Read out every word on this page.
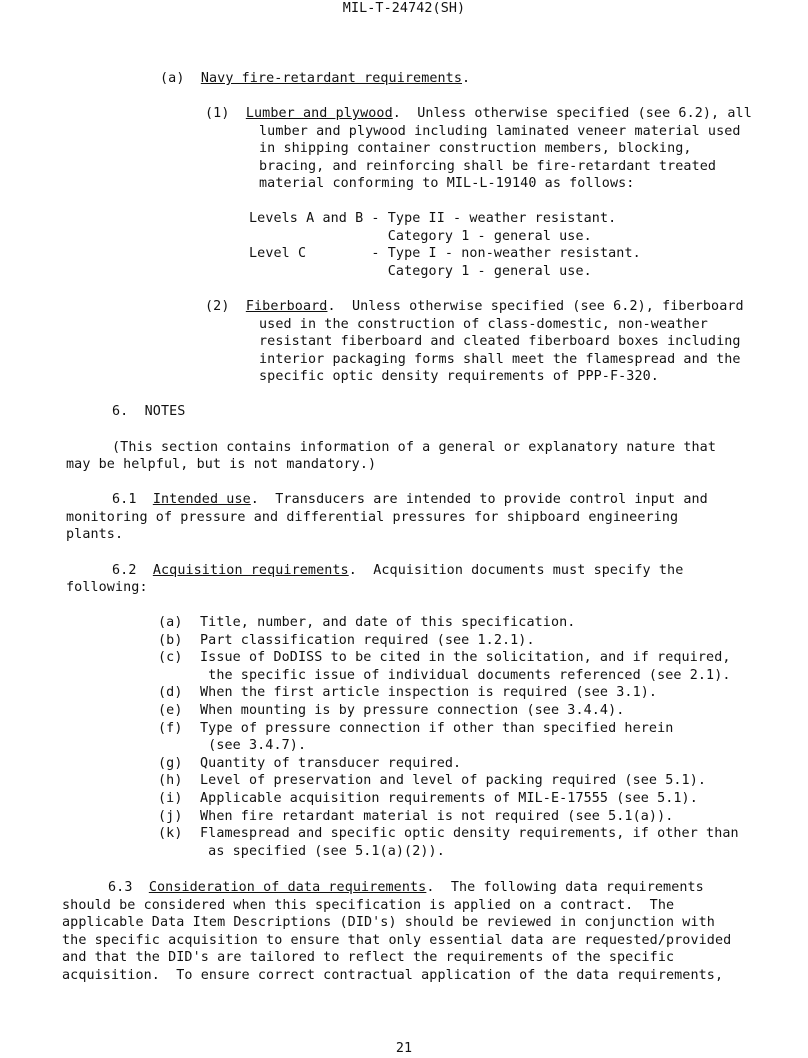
MIL-T-24742(SH)
(a) Navy fire-retardant requirements.
(1) Lumber and plywood.  Unless otherwise specified (see 6.2), all
lumber and plywood including laminated veneer material used
in shipping container construction members, blocking,
bracing, and reinforcing shall be fire-retardant treated
material conforming to MIL-L-19140 as follows:
Levels A and B - Type II - weather resistant.
Category 1 - general use.
Level C        - Type I - non-weather resistant.
Category 1 - general use.
(2) Fiberboard.  Unless otherwise specified (see 6.2), fiberboard
used in the construction of class-domestic, non-weather
resistant fiberboard and cleated fiberboard boxes including
interior packaging forms shall meet the flamespread and the
specific optic density requirements of PPP-F-320.
6.  NOTES
(This section contains information of a general or explanatory nature that
may be helpful, but is not mandatory.)
6.1 Intended use.  Transducers are intended to provide control input and
monitoring of pressure and differential pressures for shipboard engineering
plants.
6.2 Acquisition requirements.  Acquisition documents must specify the
following:
(a) Title, number, and date of this specification.
(b) Part classification required (see 1.2.1).
(c) Issue of DoDISS to be cited in the solicitation, and if required,
the specific issue of individual documents referenced (see 2.1).
(d) When the first article inspection is required (see 3.1).
(e) When mounting is by pressure connection (see 3.4.4).
(f) Type of pressure connection if other than specified herein
(see 3.4.7).
(g) Quantity of transducer required.
(h) Level of preservation and level of packing required (see 5.1).
(i) Applicable acquisition requirements of MIL-E-17555 (see 5.1).
(j) When fire retardant material is not required (see 5.1(a)).
(k) Flamespread and specific optic density requirements, if other than
as specified (see 5.1(a)(2)).
6.3 Consideration of data requirements.  The following data requirements
should be considered when this specification is applied on a contract.  The
applicable Data Item Descriptions (DID's) should be reviewed in conjunction with
the specific acquisition to ensure that only essential data are requested/provided
and that the DID's are tailored to reflect the requirements of the specific
acquisition.  To ensure correct contractual application of the data requirements,
21
